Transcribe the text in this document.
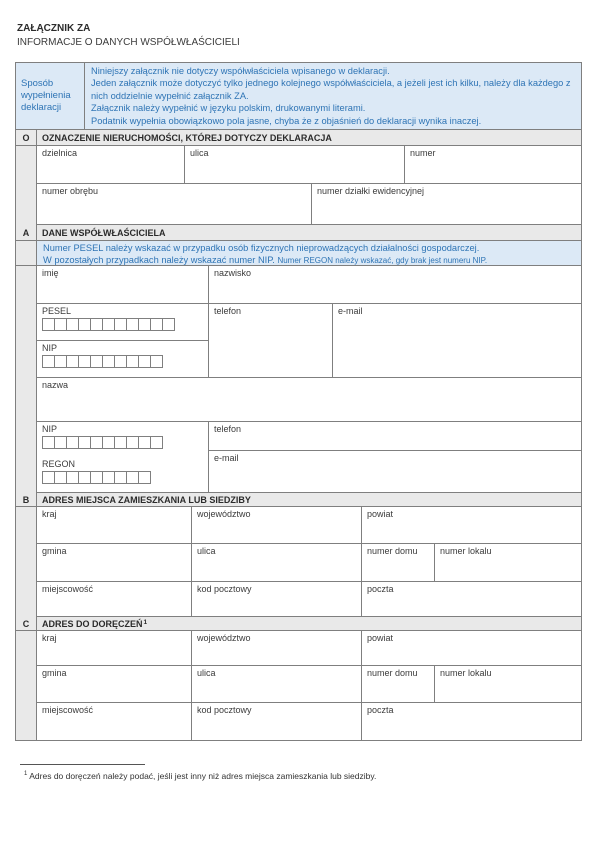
ZAŁĄCZNIK ZA
INFORMACJE O DANYCH WSPÓŁWŁAŚCICIELI
Sposób wypełnienia deklaracji
Niniejszy załącznik nie dotyczy współwłaściciela wpisanego w deklaracji.
Jeden załącznik może dotyczyć tylko jednego kolejnego współwłaściciela, a jeżeli jest ich kilku, należy dla każdego z nich oddzielnie wypełnić załącznik ZA.
Załącznik należy wypełnić w języku polskim, drukowanymi literami.
Podatnik wypełnia obowiązkowo pola jasne, chyba że z objaśnień do deklaracji wynika inaczej.
O	OZNACZENIE NIERUCHOMOŚCI, KTÓREJ DOTYCZY DEKLARACJA
dzielnica	ulica	numer
numer obrębu	numer działki ewidencyjnej
A	DANE WSPÓŁWŁAŚCICIELA
Numer PESEL należy wskazać w przypadku osób fizycznych nieprowadzących działalności gospodarczej.
W pozostałych przypadkach należy wskazać numer NIP. Numer REGON należy wskazać, gdy brak jest numeru NIP.
imię	nazwisko
PESEL
NIP
telefon	e-mail
nazwa
NIP
REGON
telefon
e-mail
B	ADRES MIEJSCA ZAMIESZKANIA LUB SIEDZIBY
kraj	województwo	powiat
gmina	ulica	numer domu	numer lokalu
miejscowość	kod pocztowy	poczta
C	ADRES DO DORĘCZEŃ 1
kraj	województwo	powiat
gmina	ulica	numer domu	numer lokalu
miejscowość	kod pocztowy	poczta
$^1$ Adres do doręczeń należy podać, jeśli jest inny niż adres miejsca zamieszkania lub siedziby.
